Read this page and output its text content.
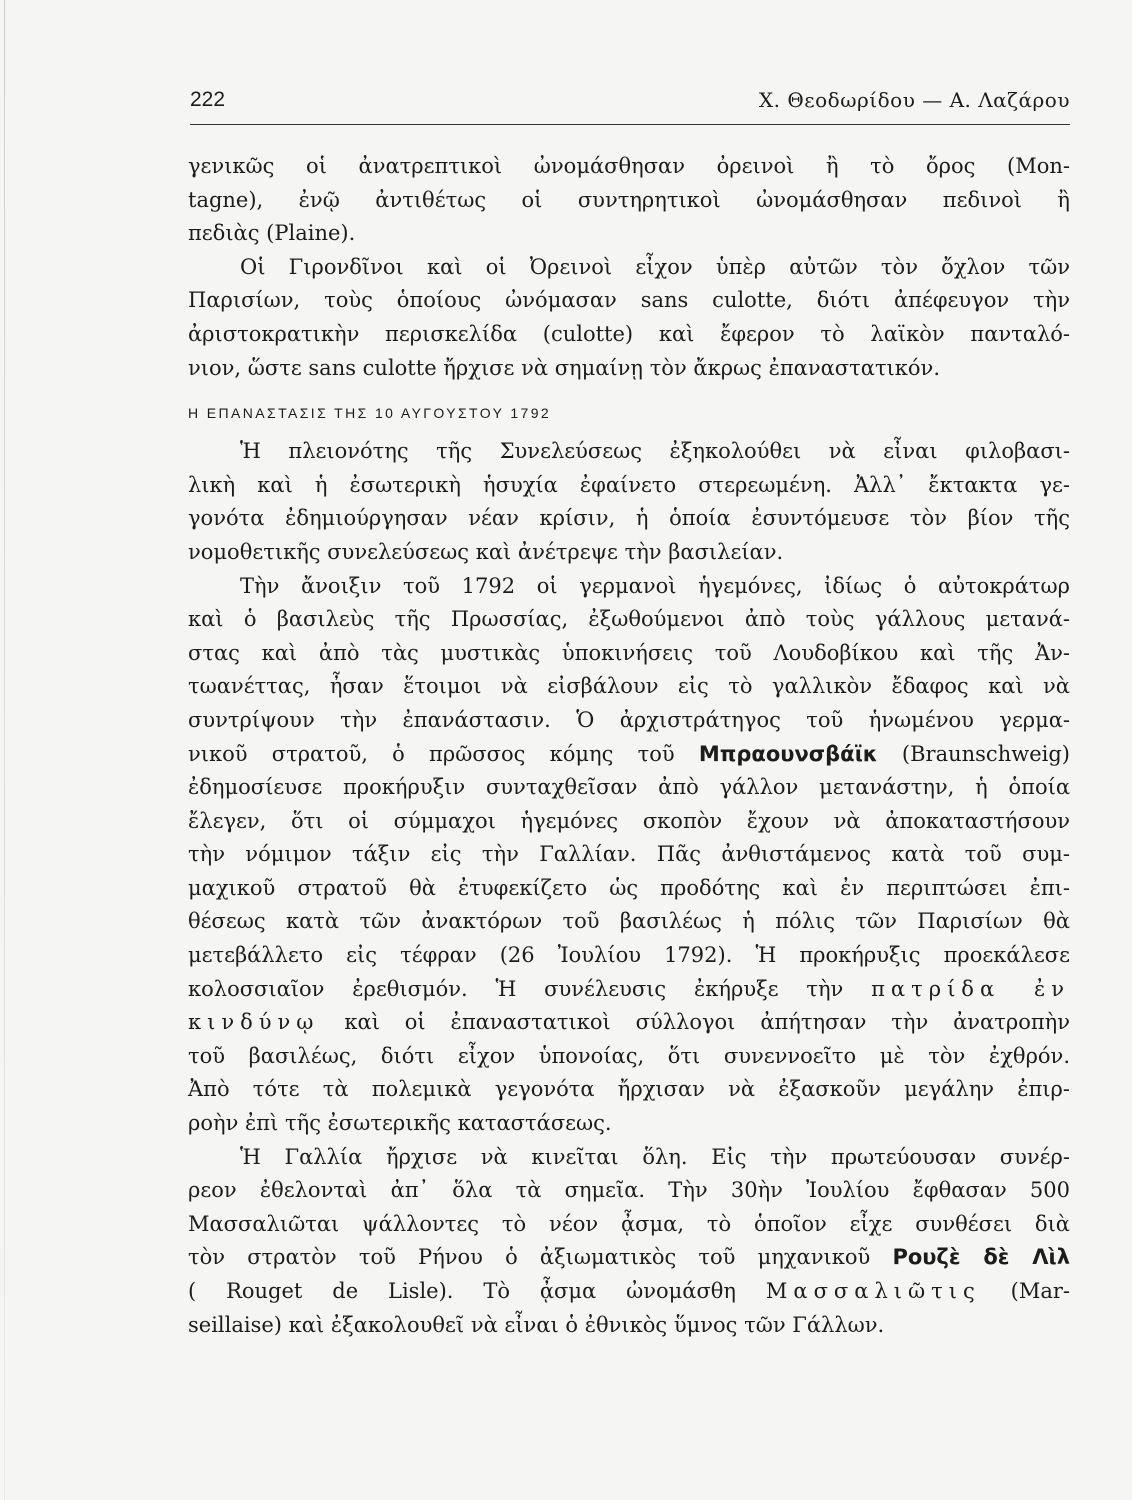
222	Χ. Θεοδωρίδου — Α. Λαζάρου
γενικῶς οἱ ἀνατρεπτικοὶ ὠνομάσθησαν ὀρεινοὶ ἢ τὸ ὄρος (Mon-
tagne), ἐνῷ ἀντιθέτως οἱ συντηρητικοὶ ὠνομάσθησαν πεδινοὶ ἢ
πεδιὰς (Plaine).
Οἱ Γιρονδῖνοι καὶ οἱ Ὀρεινοὶ εἶχον ὑπὲρ αὐτῶν τὸν ὄχλον τῶν
Παρισίων, τοὺς ὁποίους ὠνόμασαν sans culotte, διότι ἀπέφευγον τὴν
ἀριστοκρατικὴν περισκελίδα (culotte) καὶ ἔφερον τὸ λαϊκὸν πανταλό-
νιον, ὥστε sans culotte ἤρχισε νὰ σημαίνῃ τὸν ἄκρως ἐπαναστατικόν.
Η ΕΠΑΝΑΣΤΑΣΙΣ ΤΗΣ 10 ΑΥΓΟΥΣΤΟΥ 1792
Ἡ πλειονότης τῆς Συνελεύσεως ἐξηκολούθει νὰ εἶναι φιλοβασι-
λικὴ καὶ ἡ ἐσωτερικὴ ἡσυχία ἐφαίνετο στερεωμένη. Ἀλλ᾿ ἔκτακτα γε-
γονότα ἐδημιούργησαν νέαν κρίσιν, ἡ ὁποία ἐσυντόμευσε τὸν βίον τῆς
νομοθετικῆς συνελεύσεως καὶ ἀνέτρεψε τὴν βασιλείαν.
Τὴν ἄνοιξιν τοῦ 1792 οἱ γερμανοὶ ἡγεμόνες, ἰδίως ὁ αὐτοκράτωρ
καὶ ὁ βασιλεὺς τῆς Πρωσσίας, ἐξωθούμενοι ἀπὸ τοὺς γάλλους μετανά-
στας καὶ ἀπὸ τὰς μυστικὰς ὑποκινήσεις τοῦ Λουδοβίκου καὶ τῆς Ἀν-
τωανέττας, ἦσαν ἕτοιμοι νὰ εἰσβάλουν εἰς τὸ γαλλικὸν ἔδαφος καὶ νὰ
συντρίψουν τὴν ἐπανάστασιν. Ὁ ἀρχιστράτηγος τοῦ ἡνωμένου γερμα-
νικοῦ στρατοῦ, ὁ πρῶσσος κόμης τοῦ Μπραουνσβάϊκ (Braunschweig)
ἐδημοσίευσε προκήρυξιν συνταχθεῖσαν ἀπὸ γάλλον μετανάστην, ἡ ὁποία
ἔλεγεν, ὅτι οἱ σύμμαχοι ἡγεμόνες σκοπὸν ἔχουν νὰ ἀποκαταστήσουν
τὴν νόμιμον τάξιν εἰς τὴν Γαλλίαν. Πᾶς ἀνθιστάμενος κατὰ τοῦ συμ-
μαχικοῦ στρατοῦ θὰ ἐτυφεκίζετο ὡς προδότης καὶ ἐν περιπτώσει ἐπι-
θέσεως κατὰ τῶν ἀνακτόρων τοῦ βασιλέως ἡ πόλις τῶν Παρισίων θὰ
μετεβάλλετο εἰς τέφραν (26 Ἰουλίου 1792). Ἡ προκήρυξις προεκάλεσε
κολοσσιαῖον ἐρεθισμόν. Ἡ συνέλευσις ἐκήρυξε τὴν πατρίδα ἐν
κινδύνῳ καὶ οἱ ἐπαναστατικοὶ σύλλογοι ἀπήτησαν τὴν ἀνατροπὴν
τοῦ βασιλέως, διότι εἶχον ὑπονοίας, ὅτι συνεννοεῖτο μὲ τὸν ἐχθρόν.
Ἀπὸ τότε τὰ πολεμικὰ γεγονότα ἤρχισαν νὰ ἐξασκοῦν μεγάλην ἐπιρ-
ροὴν ἐπὶ τῆς ἐσωτερικῆς καταστάσεως.
Ἡ Γαλλία ἤρχισε νὰ κινεῖται ὅλη. Εἰς τὴν πρωτεύουσαν συνέρ-
ρεον ἐθελονταὶ ἀπ᾿ ὅλα τὰ σημεῖα. Τὴν 30ὴν Ἰουλίου ἔφθασαν 500
Μασσαλιῶται ψάλλοντες τὸ νέον ᾆσμα, τὸ ὁποῖον εἶχε συνθέσει διὰ
τὸν στρατὸν τοῦ Ρήνου ὁ ἀξιωματικὸς τοῦ μηχανικοῦ Ρουζὲ δὲ Λὶλ
( Rouget de Lisle). Τὸ ᾆσμα ὠνομάσθη Μασσαλιῶτις (Mar-
seillaise) καὶ ἐξακολουθεῖ νὰ εἶναι ὁ ἐθνικὸς ὕμνος τῶν Γάλλων.
